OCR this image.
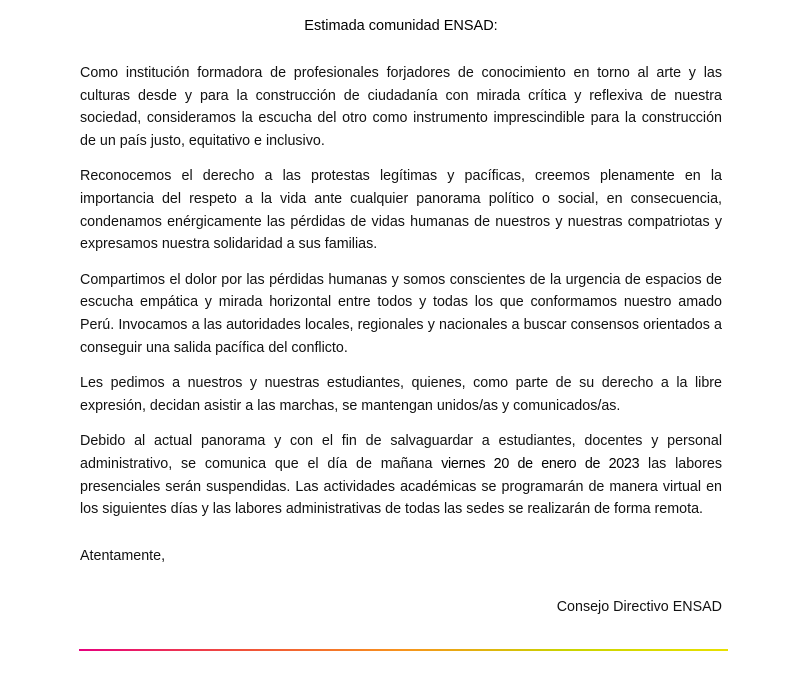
Estimada comunidad ENSAD:

Como institución formadora de profesionales forjadores de conocimiento en torno al arte y las culturas desde y para la construcción de ciudadanía con mirada crítica y reflexiva de nuestra sociedad, consideramos la escucha del otro como instrumento imprescindible para la construcción de un país justo, equitativo e inclusivo.

Reconocemos el derecho a las protestas legítimas y pacíficas, creemos plenamente en la importancia del respeto a la vida ante cualquier panorama político o social, en consecuencia, condenamos enérgicamente las pérdidas de vidas humanas de nuestros y nuestras compatriotas y expresamos nuestra solidaridad a sus familias.

Compartimos el dolor por las pérdidas humanas y somos conscientes de la urgencia de espacios de escucha empática y mirada horizontal entre todos y todas los que conformamos nuestro amado Perú. Invocamos a las autoridades locales, regionales y nacionales a buscar consensos orientados a conseguir una salida pacífica del conflicto.

Les pedimos a nuestros y nuestras estudiantes, quienes, como parte de su derecho a la libre expresión, decidan asistir a las marchas, se mantengan unidos/as y comunicados/as.

Debido al actual panorama y con el fin de salvaguardar a estudiantes, docentes y personal administrativo, se comunica que el día de mañana viernes 20 de enero de 2023 las labores presenciales serán suspendidas. Las actividades académicas se programarán de manera virtual en los siguientes días y las labores administrativas de todas las sedes se realizarán de forma remota.

Atentamente,
Consejo Directivo ENSAD
